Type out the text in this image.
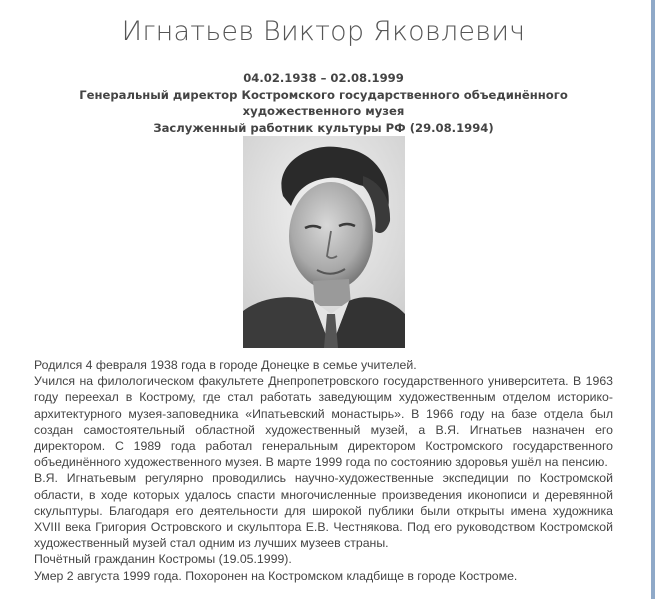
Игнатьев Виктор Яковлевич
04.02.1938 – 02.08.1999
Генеральный директор Костромского государственного объединённого художественного музея
Заслуженный работник культуры РФ (29.08.1994)

Родился 4 февраля 1938 года в городе Донецке в семье учителей.

Учился на филологическом факультете Днепропетровского государственного университета. В 1963 году переехал в Кострому, где стал работать заведующим художественным отделом историко-архитектурного музея-заповедника «Ипатьевский монастырь». В 1966 году на базе отдела был создан самостоятельный областной художественный музей, а В.Я. Игнатьев назначен его директором. С 1989 года работал генеральным директором Костромского государственного объединённого художественного музея. В марте 1999 года по состоянию здоровья ушёл на пенсию.

В.Я. Игнатьевым регулярно проводились научно-художественные экспедиции по Костромской области, в ходе которых удалось спасти многочисленные произведения иконописи и деревянной скульптуры. Благодаря его деятельности для широкой публики были открыты имена художника XVIII века Григория Островского и скульптора Е.В. Честнякова. Под его руководством Костромской художественный музей стал одним из лучших музеев страны.

Почётный гражданин Костромы (19.05.1999).

Умер 2 августа 1999 года. Похоронен на Костромском кладбище в городе Костроме.
